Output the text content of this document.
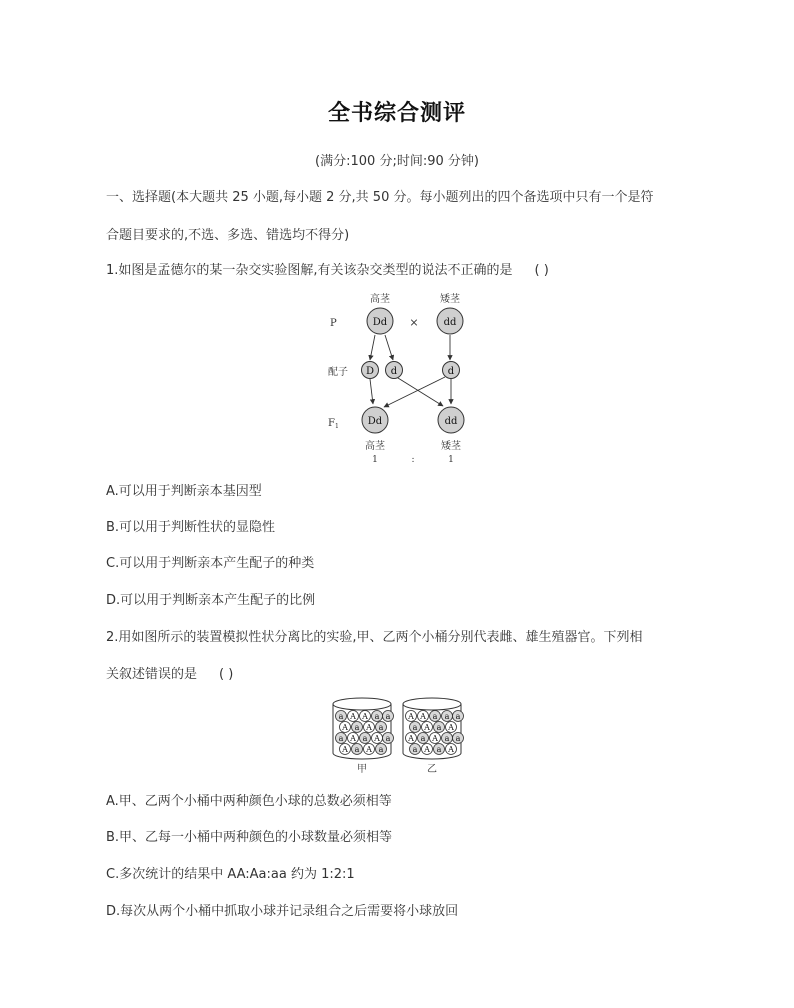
全书综合测评
(满分:100 分;时间:90 分钟)
一、选择题(本大题共 25 小题,每小题 2 分,共 50 分。每小题列出的四个备选项中只有一个是符
合题目要求的,不选、多选、错选均不得分)
1.如图是孟德尔的某一杂交实验图解,有关该杂交类型的说法不正确的是 ( )
高茎	矮茎
P	Dd × dd
配子 D d	d
$F_1$	Dd	dd
高茎	矮茎
1	:	1
A.可以用于判断亲本基因型
B.可以用于判断性状的显隐性
C.可以用于判断亲本产生配子的种类
D.可以用于判断亲本产生配子的比例
2.用如图所示的装置模拟性状分离比的实验,甲、乙两个小桶分别代表雌、雄生殖器官。下列相
关叙述错误的是 ( )
a A A a a
A a A a
a A a A a
A a A a
A A a a a
a A a A
A a A a a
a A a A
甲	乙
A.甲、乙两个小桶中两种颜色小球的总数必须相等
B.甲、乙每一小桶中两种颜色的小球数量必须相等
C.多次统计的结果中 AA:Aa:aa 约为 1:2:1
D.每次从两个小桶中抓取小球并记录组合之后需要将小球放回
